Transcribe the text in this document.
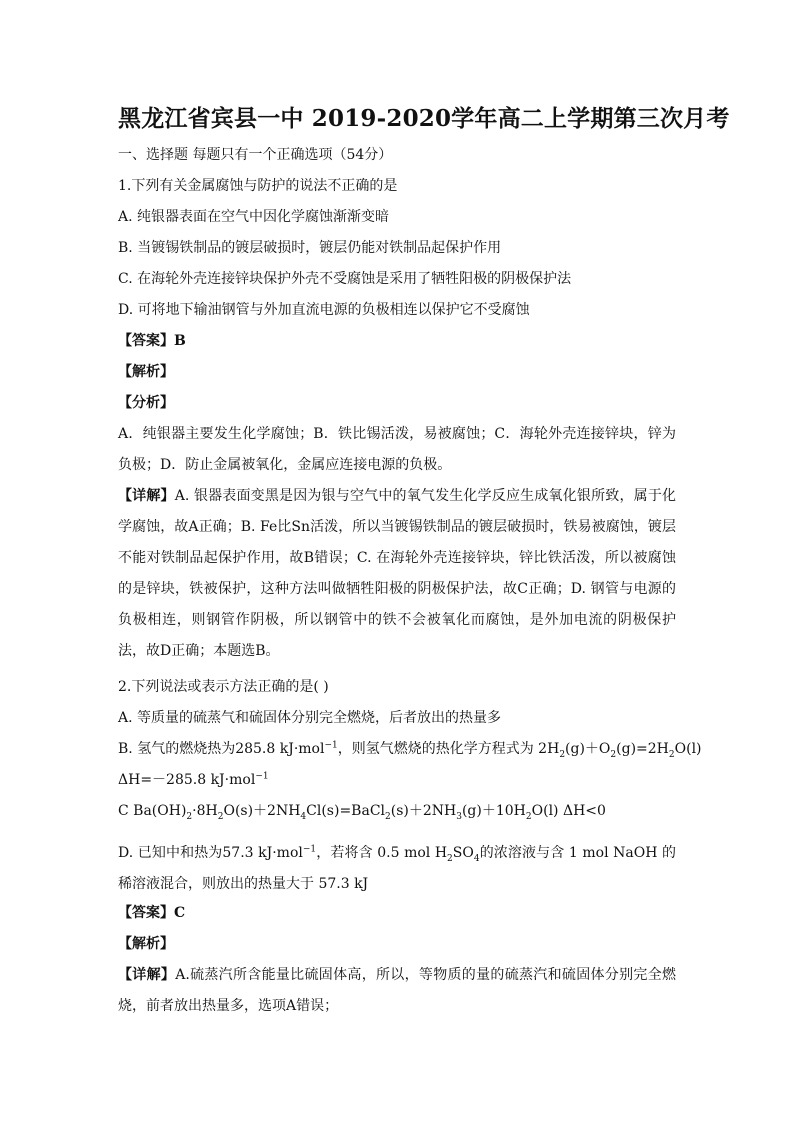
黑龙江省宾县一中 2019-2020学年高二上学期第三次月考
一、选择题 每题只有一个正确选项（54分）
1.下列有关金属腐蚀与防护的说法不正确的是
A. 纯银器表面在空气中因化学腐蚀渐渐变暗
B. 当镀锡铁制品的镀层破损时，镀层仍能对铁制品起保护作用
C. 在海轮外壳连接锌块保护外壳不受腐蚀是采用了牺牲阳极的阴极保护法
D. 可将地下输油钢管与外加直流电源的负极相连以保护它不受腐蚀
【答案】B
【解析】
【分析】
A．纯银器主要发生化学腐蚀；B．铁比锡活泼，易被腐蚀；C．海轮外壳连接锌块，锌为负极；D．防止金属被氧化，金属应连接电源的负极。
【详解】A. 银器表面变黑是因为银与空气中的氧气发生化学反应生成氧化银所致，属于化学腐蚀，故A正确；B. Fe比Sn活泼，所以当镀锡铁制品的镀层破损时，铁易被腐蚀，镀层不能对铁制品起保护作用，故B错误；C. 在海轮外壳连接锌块，锌比铁活泼，所以被腐蚀的是锌块，铁被保护，这种方法叫做牺牲阳极的阴极保护法，故C正确；D. 钢管与电源的负极相连，则钢管作阴极，所以钢管中的铁不会被氧化而腐蚀，是外加电流的阴极保护法，故D正确；本题选B。
2.下列说法或表示方法正确的是( )
A. 等质量的硫蒸气和硫固体分别完全燃烧，后者放出的热量多
B. 氢气的燃烧热为285.8 kJ·mol$^{-1}$，则氢气燃烧的热化学方程式为 $2H_2(g)+O_2(g)=2H_2O(l)$
ΔH=－285.8 kJ·mol$^{-1}$
C $Ba(OH)_2\cdot 8H_2O(s)+2NH_4Cl(s)=BaCl_2(s)+2NH_3(g)+10H_2O(l)$ ΔH<0
D. 已知中和热为57.3 kJ·mol$^{-1}$，若将含 0.5 mol $H_2SO_4$的浓溶液与含 1 mol NaOH 的 稀溶液混合，则放出的热量大于 57.3 kJ
【答案】C
【解析】
【详解】A.硫蒸汽所含能量比硫固体高，所以，等物质的量的硫蒸汽和硫固体分别完全燃烧，前者放出热量多，选项A错误；
